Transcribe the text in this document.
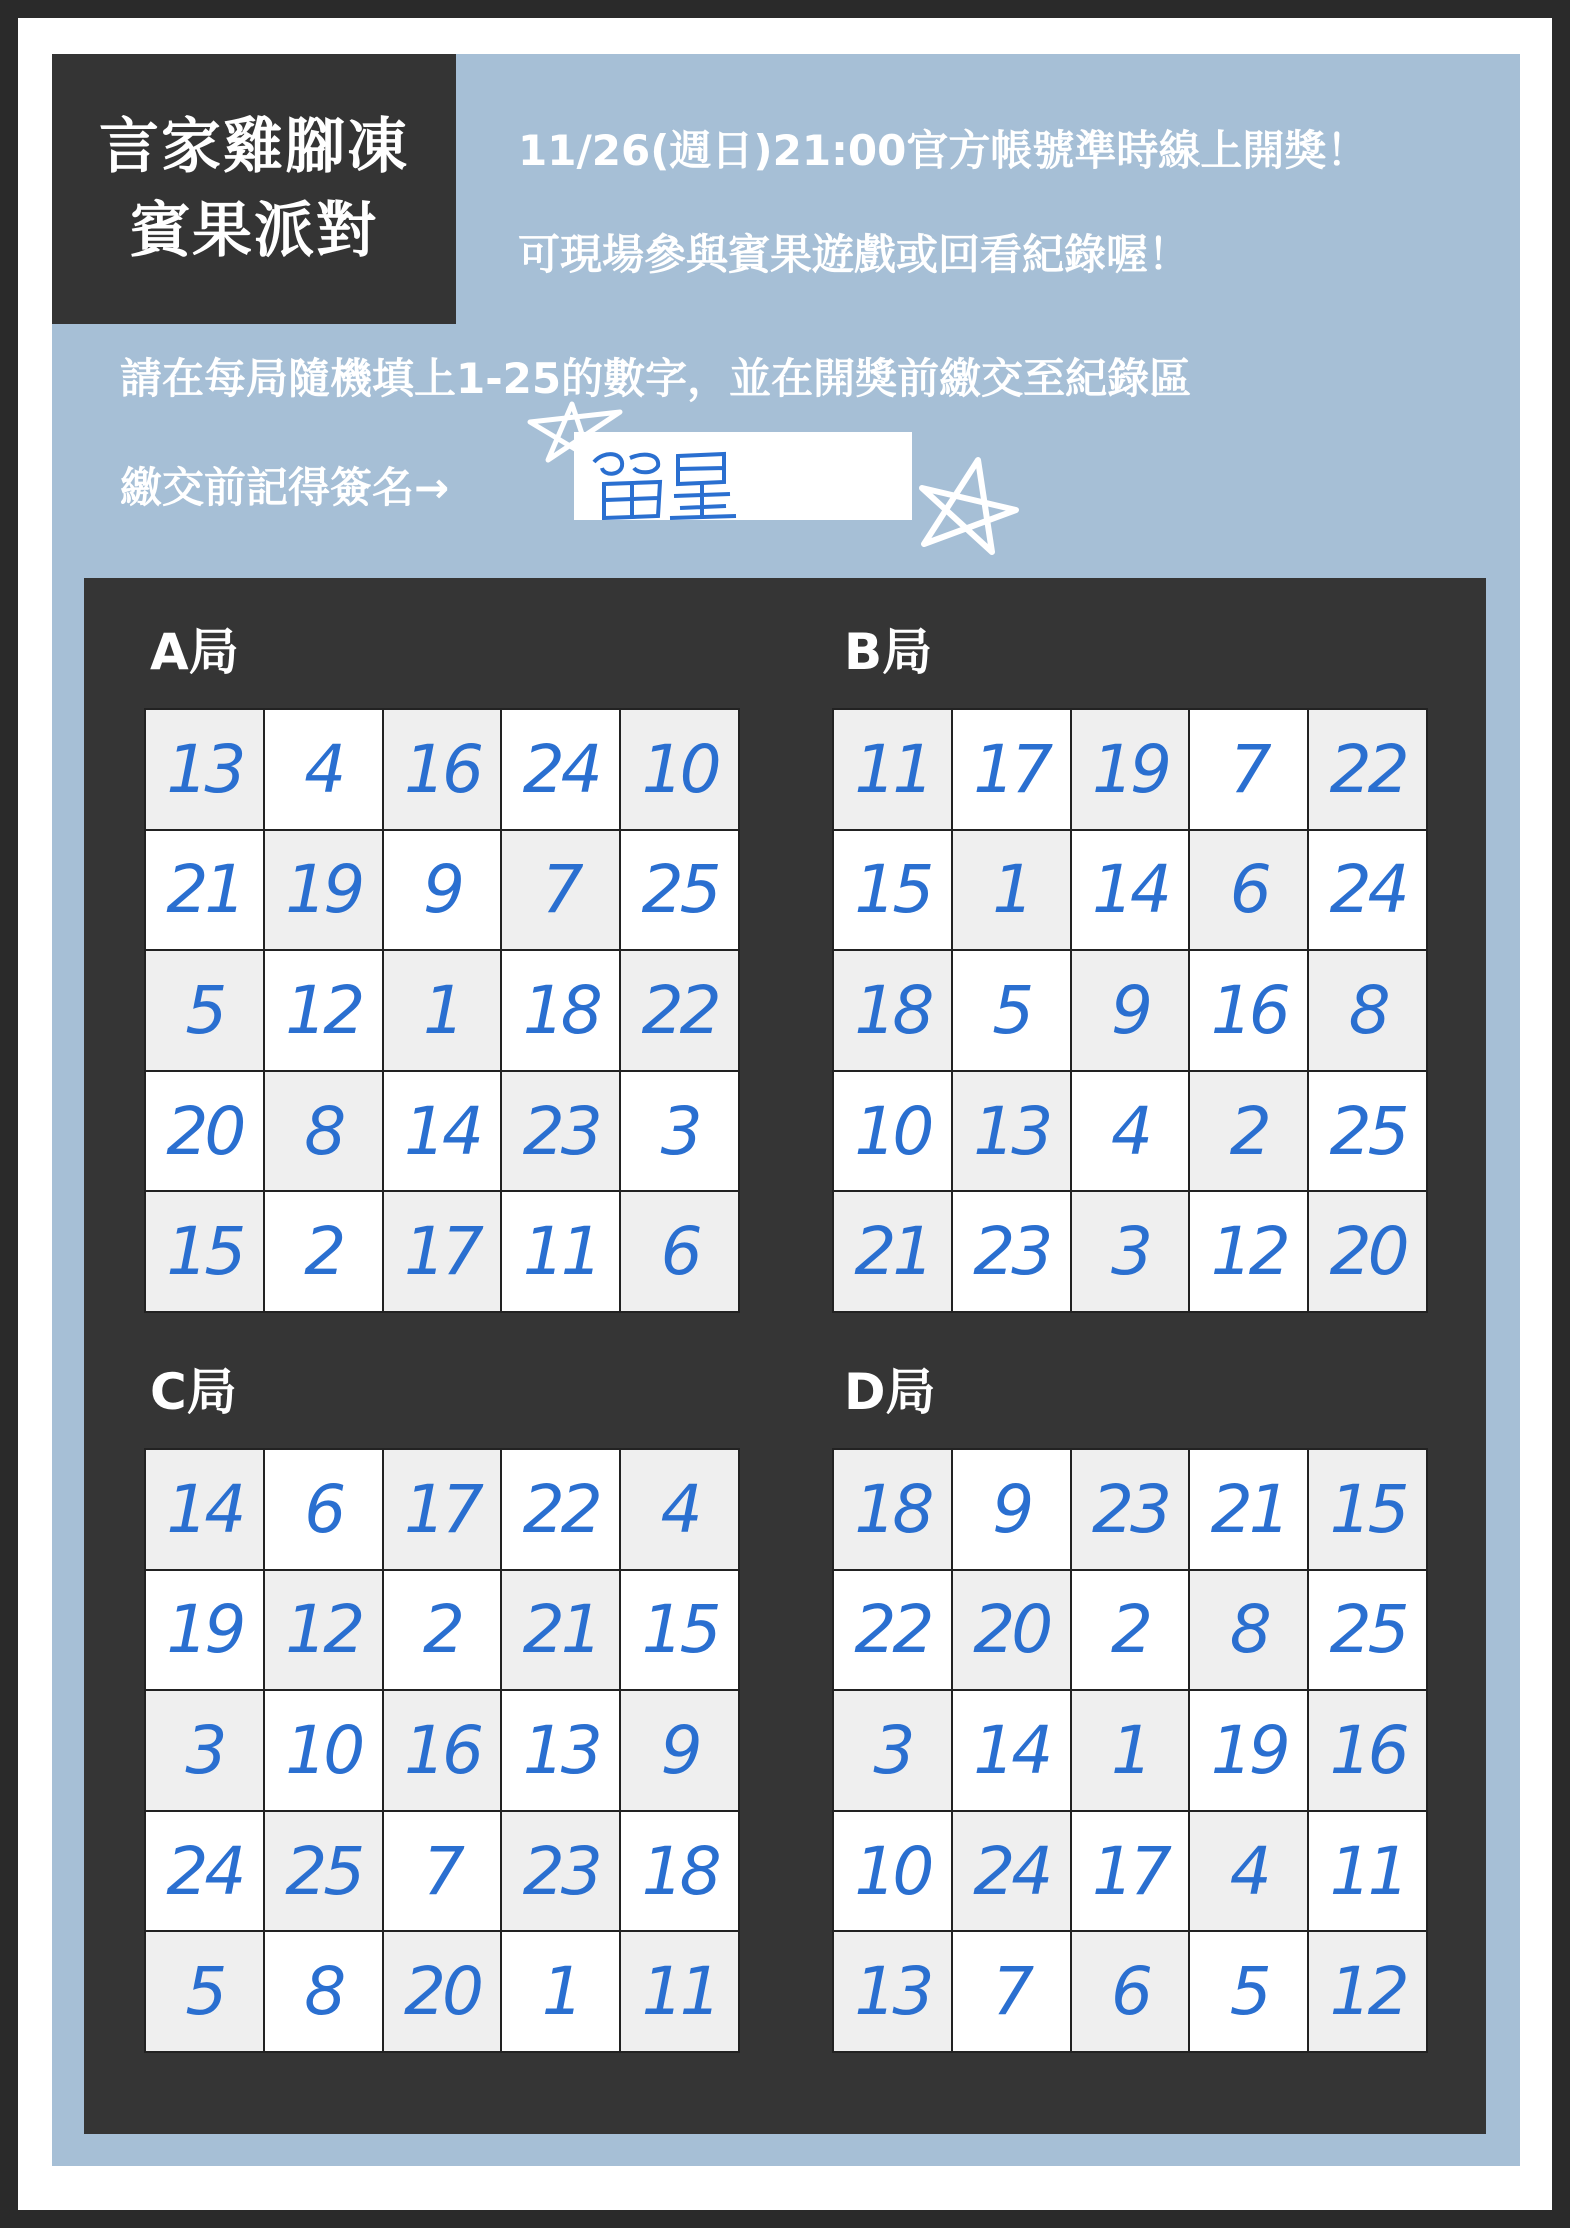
言家雞腳凍
賓果派對
11/26(週日)21:00官方帳號準時線上開獎！
可現場參與賓果遊戲或回看紀錄喔！
請在每局隨機填上1-25的數字，並在開獎前繳交至紀錄區
繳交前記得簽名→
A局	B局
C局	D局
13 4 16 24 10
21 19 9	7 25
5 12 1 18 22
20 8 14 23 3
15 2 17 11 6
11 17 19 7 22
15 1 14 6 24
18 5	9 16 8
10 13 4	2 25
21 23 3 12 20
14 6 17 22 4
19 12 2 21 15
3 10 16 13 9
24 25 7 23 18
5	8 20 1 11
18 9 23 21 15
22 20 2	8 25
3 14 1 19 16
10 24 17 4 11
13 7	6	5 12
